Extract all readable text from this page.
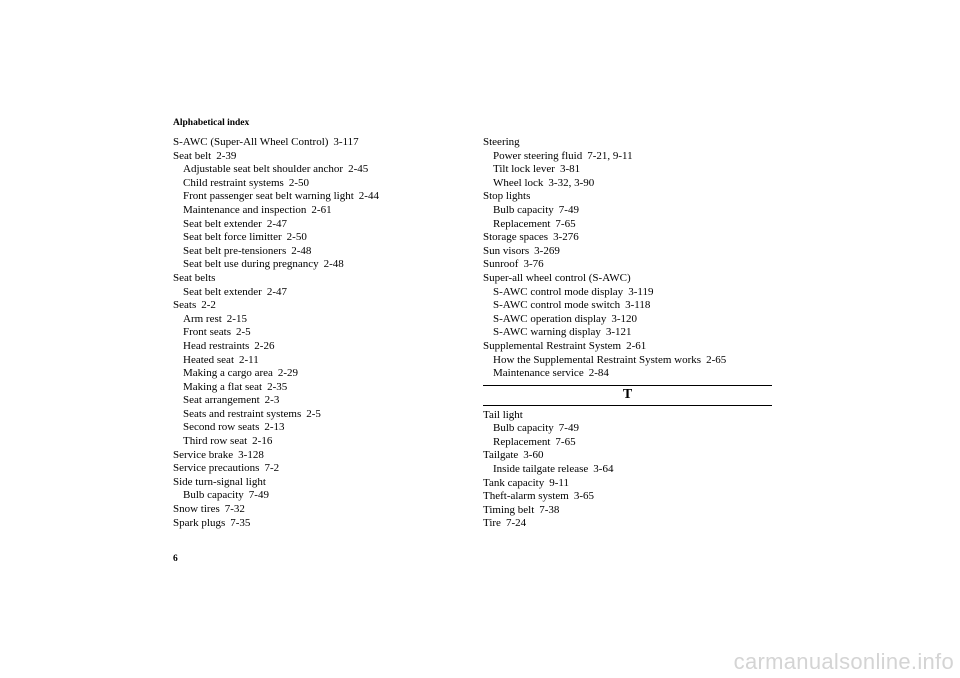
Alphabetical index
S-AWC (Super-All Wheel Control) 3-117
Seat belt 2-39
Adjustable seat belt shoulder anchor 2-45
Child restraint systems 2-50
Front passenger seat belt warning light 2-44
Maintenance and inspection 2-61
Seat belt extender 2-47
Seat belt force limitter 2-50
Seat belt pre-tensioners 2-48
Seat belt use during pregnancy 2-48
Seat belts
Seat belt extender 2-47
Seats 2-2
Arm rest 2-15
Front seats 2-5
Head restraints 2-26
Heated seat 2-11
Making a cargo area 2-29
Making a flat seat 2-35
Seat arrangement 2-3
Seats and restraint systems 2-5
Second row seats 2-13
Third row seat 2-16
Service brake 3-128
Service precautions 7-2
Side turn-signal light
Bulb capacity 7-49
Snow tires 7-32
Spark plugs 7-35
Steering
Power steering fluid 7-21, 9-11
Tilt lock lever 3-81
Wheel lock 3-32, 3-90
Stop lights
Bulb capacity 7-49
Replacement 7-65
Storage spaces 3-276
Sun visors 3-269
Sunroof 3-76
Super-all wheel control (S-AWC)
S-AWC control mode display 3-119
S-AWC control mode switch 3-118
S-AWC operation display 3-120
S-AWC warning display 3-121
Supplemental Restraint System 2-61
How the Supplemental Restraint System works 2-65
Maintenance service 2-84
T
Tail light
Bulb capacity 7-49
Replacement 7-65
Tailgate 3-60
Inside tailgate release 3-64
Tank capacity 9-11
Theft-alarm system 3-65
Timing belt 7-38
Tire 7-24
6
carmanualsonline.info
